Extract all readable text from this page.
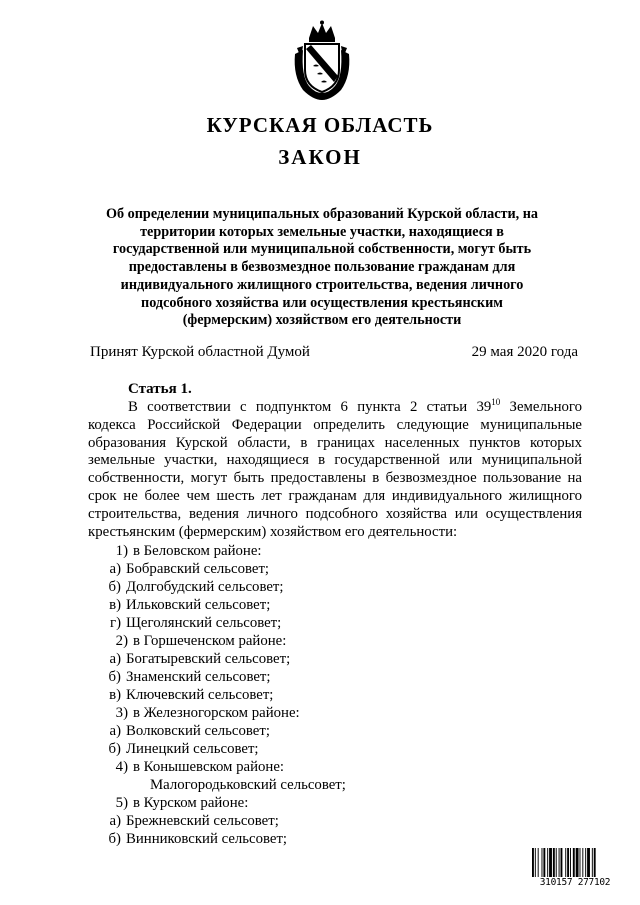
КУРСКАЯ ОБЛАСТЬ
ЗАКОН
Об определении муниципальных образований Курской области, на территории которых земельные участки, находящиеся в государственной или муниципальной собственности, могут быть предоставлены в безвозмездное пользование гражданам для индивидуального жилищного строительства, ведения личного подсобного хозяйства или осуществления крестьянским (фермерским) хозяйством его деятельности
Принят Курской областной Думой	29 мая 2020 года
Статья 1.
В соответствии с подпунктом 6 пункта 2 статьи $39^{10}$ Земельного кодекса Российской Федерации определить следующие муниципальные образования Курской области, в границах населенных пунктов которых земельные участки, находящиеся в государственной или муниципальной собственности, могут быть предоставлены в безвозмездное пользование на срок не более чем шесть лет гражданам для индивидуального жилищного строительства, ведения личного подсобного хозяйства или осуществления крестьянским (фермерским) хозяйством его деятельности:
1) в Беловском районе:
а) Бобравский сельсовет;
б) Долгобудский сельсовет;
в) Ильковский сельсовет;
г) Щеголянский сельсовет;
2) в Горшеченском районе:
а) Богатыревский сельсовет;
б) Знаменский сельсовет;
в) Ключевский сельсовет;
3) в Железногорском районе:
а) Волковский сельсовет;
б) Линецкий сельсовет;
4) в Конышевском районе:
Малогородьковский сельсовет;
5) в Курском районе:
а) Брежневский сельсовет;
б) Винниковский сельсовет;
310157 277102
